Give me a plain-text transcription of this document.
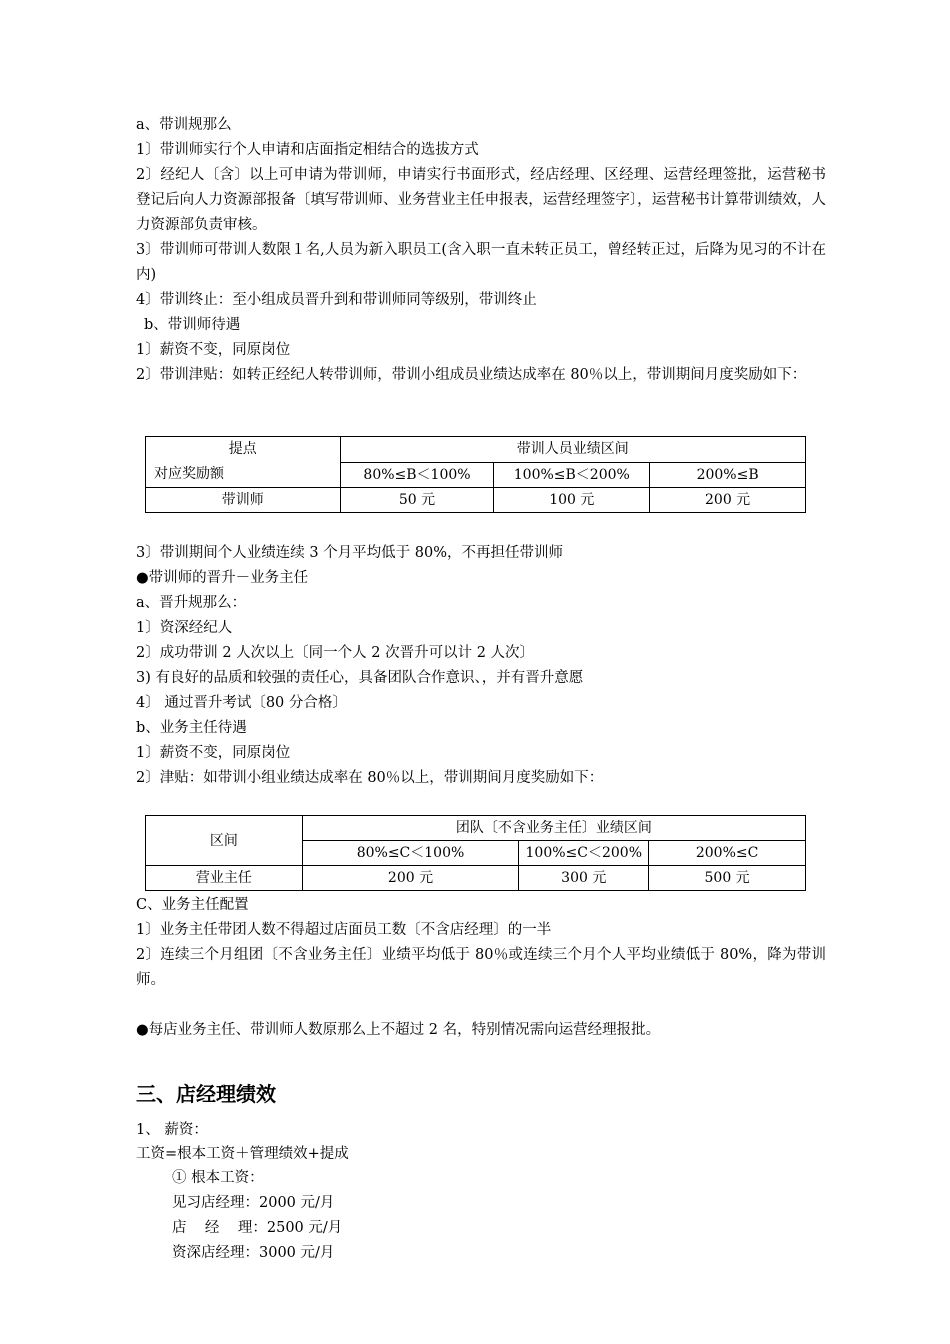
a、带训规那么
1〕带训师实行个人申请和店面指定相结合的选拔方式
2〕经纪人〔含〕以上可申请为带训师，申请实行书面形式，经店经理、区经理、运营经理签批，运营秘书登记后向人力资源部报备〔填写带训师、业务营业主任申报表，运营经理签字〕，运营秘书计算带训绩效，人力资源部负责审核。
3〕带训师可带训人数限１名,人员为新入职员工(含入职一直未转正员工，曾经转正过，后降为见习的不计在内)
4〕带训终止：至小组成员晋升到和带训师同等级别，带训终止
b、带训师待遇
1〕薪资不变，同原岗位
2〕带训津贴：如转正经纪人转带训师，带训小组成员业绩达成率在 80％以上，带训期间月度奖励如下：
提点
对应奖励额	带训人员业绩区间		
	80%≤B＜100%	100%≤B＜200%	200%≤B
带训师	50 元	100 元	200 元
3〕带训期间个人业绩连续 3 个月平均低于 80%，不再担任带训师
●带训师的晋升－业务主任
a、晋升规那么：
1〕资深经纪人
2〕成功带训 2 人次以上〔同一个人 2 次晋升可以计 2 人次〕
3) 有良好的品质和较强的责任心，具备团队合作意识、，并有晋升意愿
4〕 通过晋升考试〔80 分合格〕
b、业务主任待遇
1〕薪资不变，同原岗位
2〕津贴：如带训小组业绩达成率在 80％以上，带训期间月度奖励如下：
区间	团队〔不含业务主任〕业绩区间		
	80%≤C＜100%	100%≤C＜200%	200%≤C
营业主任	200 元	300 元	500 元
C、业务主任配置
1〕业务主任带团人数不得超过店面员工数〔不含店经理〕的一半
2〕连续三个月组团〔不含业务主任〕业绩平均低于 80％或连续三个月个人平均业绩低于 80%，降为带训师。
●每店业务主任、带训师人数原那么上不超过 2 名，特别情况需向运营经理报批。
三、店经理绩效
1、 薪资：
工资=根本工资＋管理绩效+提成
① 根本工资：
见习店经理：2000 元/月
店    经    理：2500 元/月
资深店经理：3000 元/月
